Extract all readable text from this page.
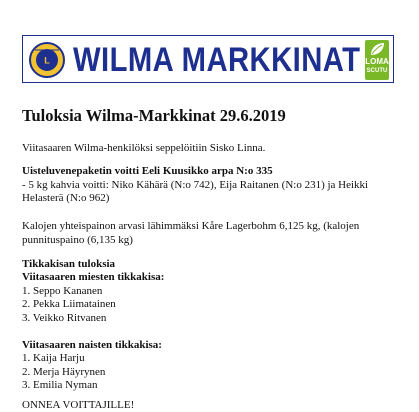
L WILMA MARKKINAT LOMA
SCUTU
Tuloksia Wilma-Markkinat 29.6.2019
Viitasaaren Wilma-henkilöksi seppelöitiin Sisko Linna.
Uisteluvenepaketin voitti Eeli Kuusikko arpa N:o 335
- 5 kg kahvia voitti: Niko Kähärä (N:o 742), Eija Raitanen (N:o 231) ja Heikki
Helasterä (N:o 962)
Kalojen yhteispainon arvasi lähimmäksi Kåre Lagerbohm 6,125 kg, (kalojen
punnituspaino (6,135 kg)
Tikkakisan tuloksia
Viitasaaren miesten tikkakisa:
1. Seppo Kananen
2. Pekka Liimatainen
3. Veikko Ritvanen
Viitasaaren naisten tikkakisa:
1. Kaija Harju
2. Merja Häyrynen
3. Emilia Nyman
ONNEA VOITTAJILLE!
